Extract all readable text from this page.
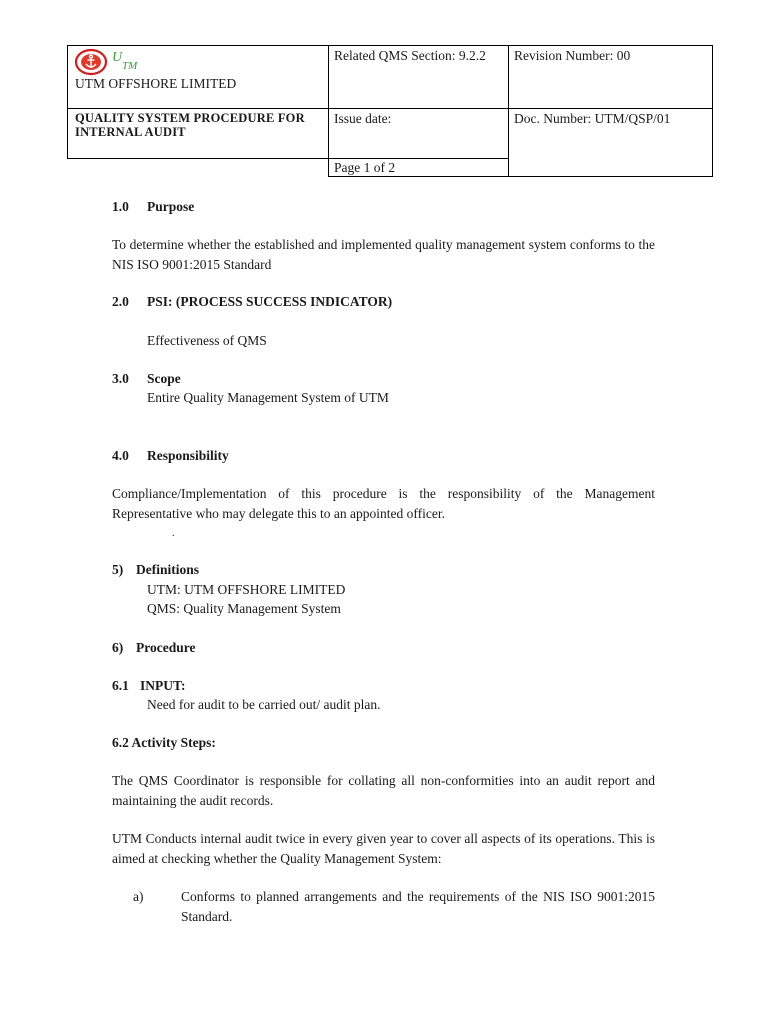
U
TM
UTM OFFSHORE LIMITED
QUALITY SYSTEM PROCEDURE FOR
INTERNAL AUDIT
Related QMS Section: 9.2.2 Revision Number: 00
Issue date:	Doc. Number: UTM/QSP/01
Page 1 of 2
1.0 Purpose
To determine whether the established and implemented quality management system conforms to the NIS ISO 9001:2015 Standard
2.0 PSI: (PROCESS SUCCESS INDICATOR)
Effectiveness of QMS
3.0 Scope
Entire Quality Management System of UTM
4.0 Responsibility
Compliance/Implementation of this procedure is the responsibility of the Management Representative who may delegate this to an appointed officer.
.
5) Definitions
UTM: UTM OFFSHORE LIMITED
QMS: Quality Management System
6) Procedure
6.1 INPUT:
Need for audit to be carried out/ audit plan.
6.2 Activity Steps:
The QMS Coordinator is responsible for collating all non-conformities into an audit report and maintaining the audit records.
UTM Conducts internal audit twice in every given year to cover all aspects of its operations. This is aimed at checking whether the Quality Management System:
a)	Conforms to planned arrangements and the requirements of the NIS ISO 9001:2015 Standard.
